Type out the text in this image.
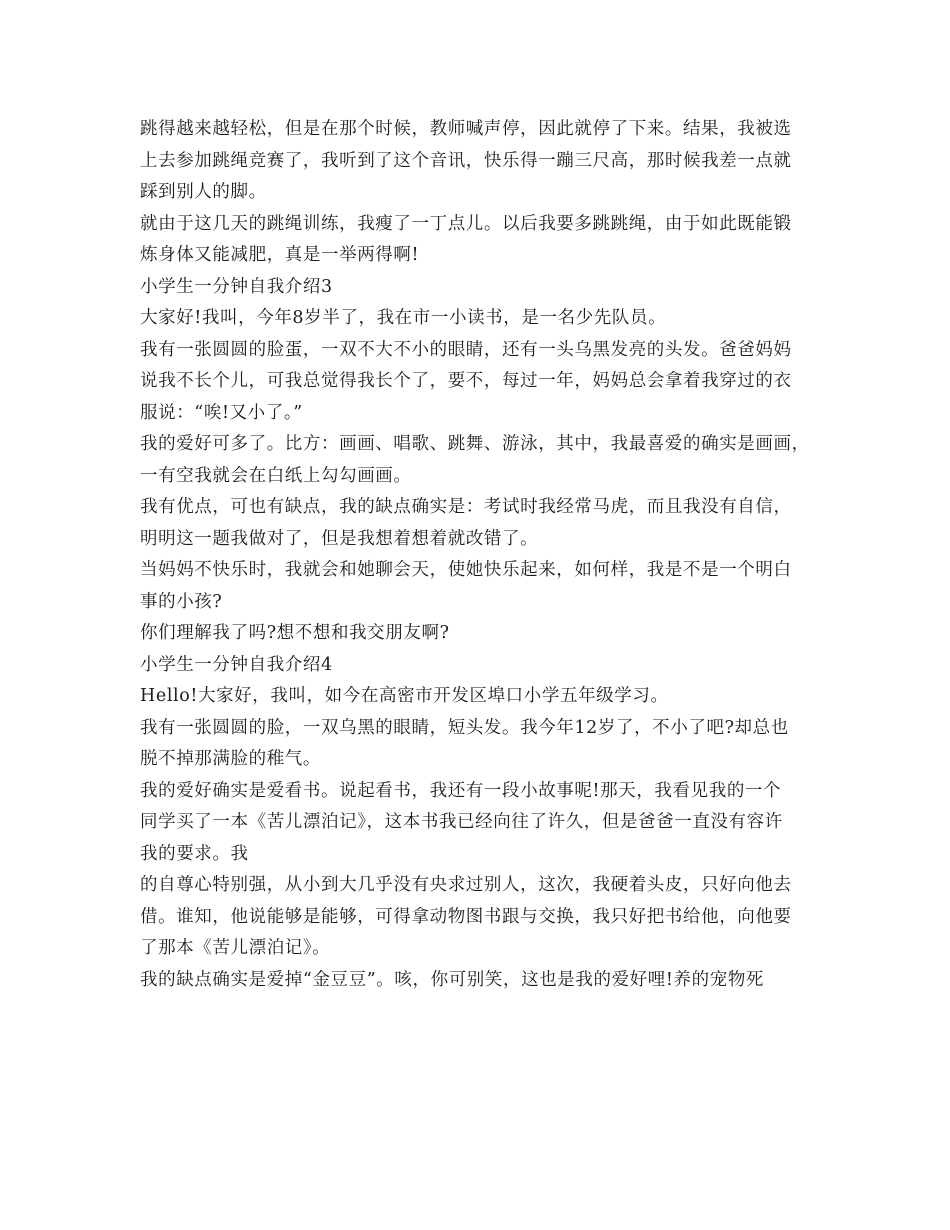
跳得越来越轻松，但是在那个时候，教师喊声停，因此就停了下来。结果，我被选
上去参加跳绳竞赛了，我听到了这个音讯，快乐得一蹦三尺高，那时候我差一点就
踩到别人的脚。
就由于这几天的跳绳训练，我瘦了一丁点儿。以后我要多跳跳绳，由于如此既能锻
炼身体又能减肥，真是一举两得啊!
小学生一分钟自我介绍3
大家好!我叫，今年8岁半了，我在市一小读书，是一名少先队员。
我有一张圆圆的脸蛋，一双不大不小的眼睛，还有一头乌黑发亮的头发。爸爸妈妈
说我不长个儿，可我总觉得我长个了，要不，每过一年，妈妈总会拿着我穿过的衣
服说：“唉!又小了。”
我的爱好可多了。比方：画画、唱歌、跳舞、游泳，其中，我最喜爱的确实是画画，
一有空我就会在白纸上勾勾画画。
我有优点，可也有缺点，我的缺点确实是：考试时我经常马虎，而且我没有自信，
明明这一题我做对了，但是我想着想着就改错了。
当妈妈不快乐时，我就会和她聊会天，使她快乐起来，如何样，我是不是一个明白
事的小孩?
你们理解我了吗?想不想和我交朋友啊?
小学生一分钟自我介绍4
Hello!大家好，我叫，如今在高密市开发区埠口小学五年级学习。
我有一张圆圆的脸，一双乌黑的眼睛，短头发。我今年12岁了，不小了吧?却总也
脱不掉那满脸的稚气。
我的爱好确实是爱看书。说起看书，我还有一段小故事呢!那天，我看见我的一个
同学买了一本《苦儿漂泊记》，这本书我已经向往了许久，但是爸爸一直没有容许
我的要求。我
的自尊心特别强，从小到大几乎没有央求过别人，这次，我硬着头皮，只好向他去
借。谁知，他说能够是能够，可得拿动物图书跟与交换，我只好把书给他，向他要
了那本《苦儿漂泊记》。
我的缺点确实是爱掉“金豆豆”。咳，你可别笑，这也是我的爱好哩!养的宠物死
